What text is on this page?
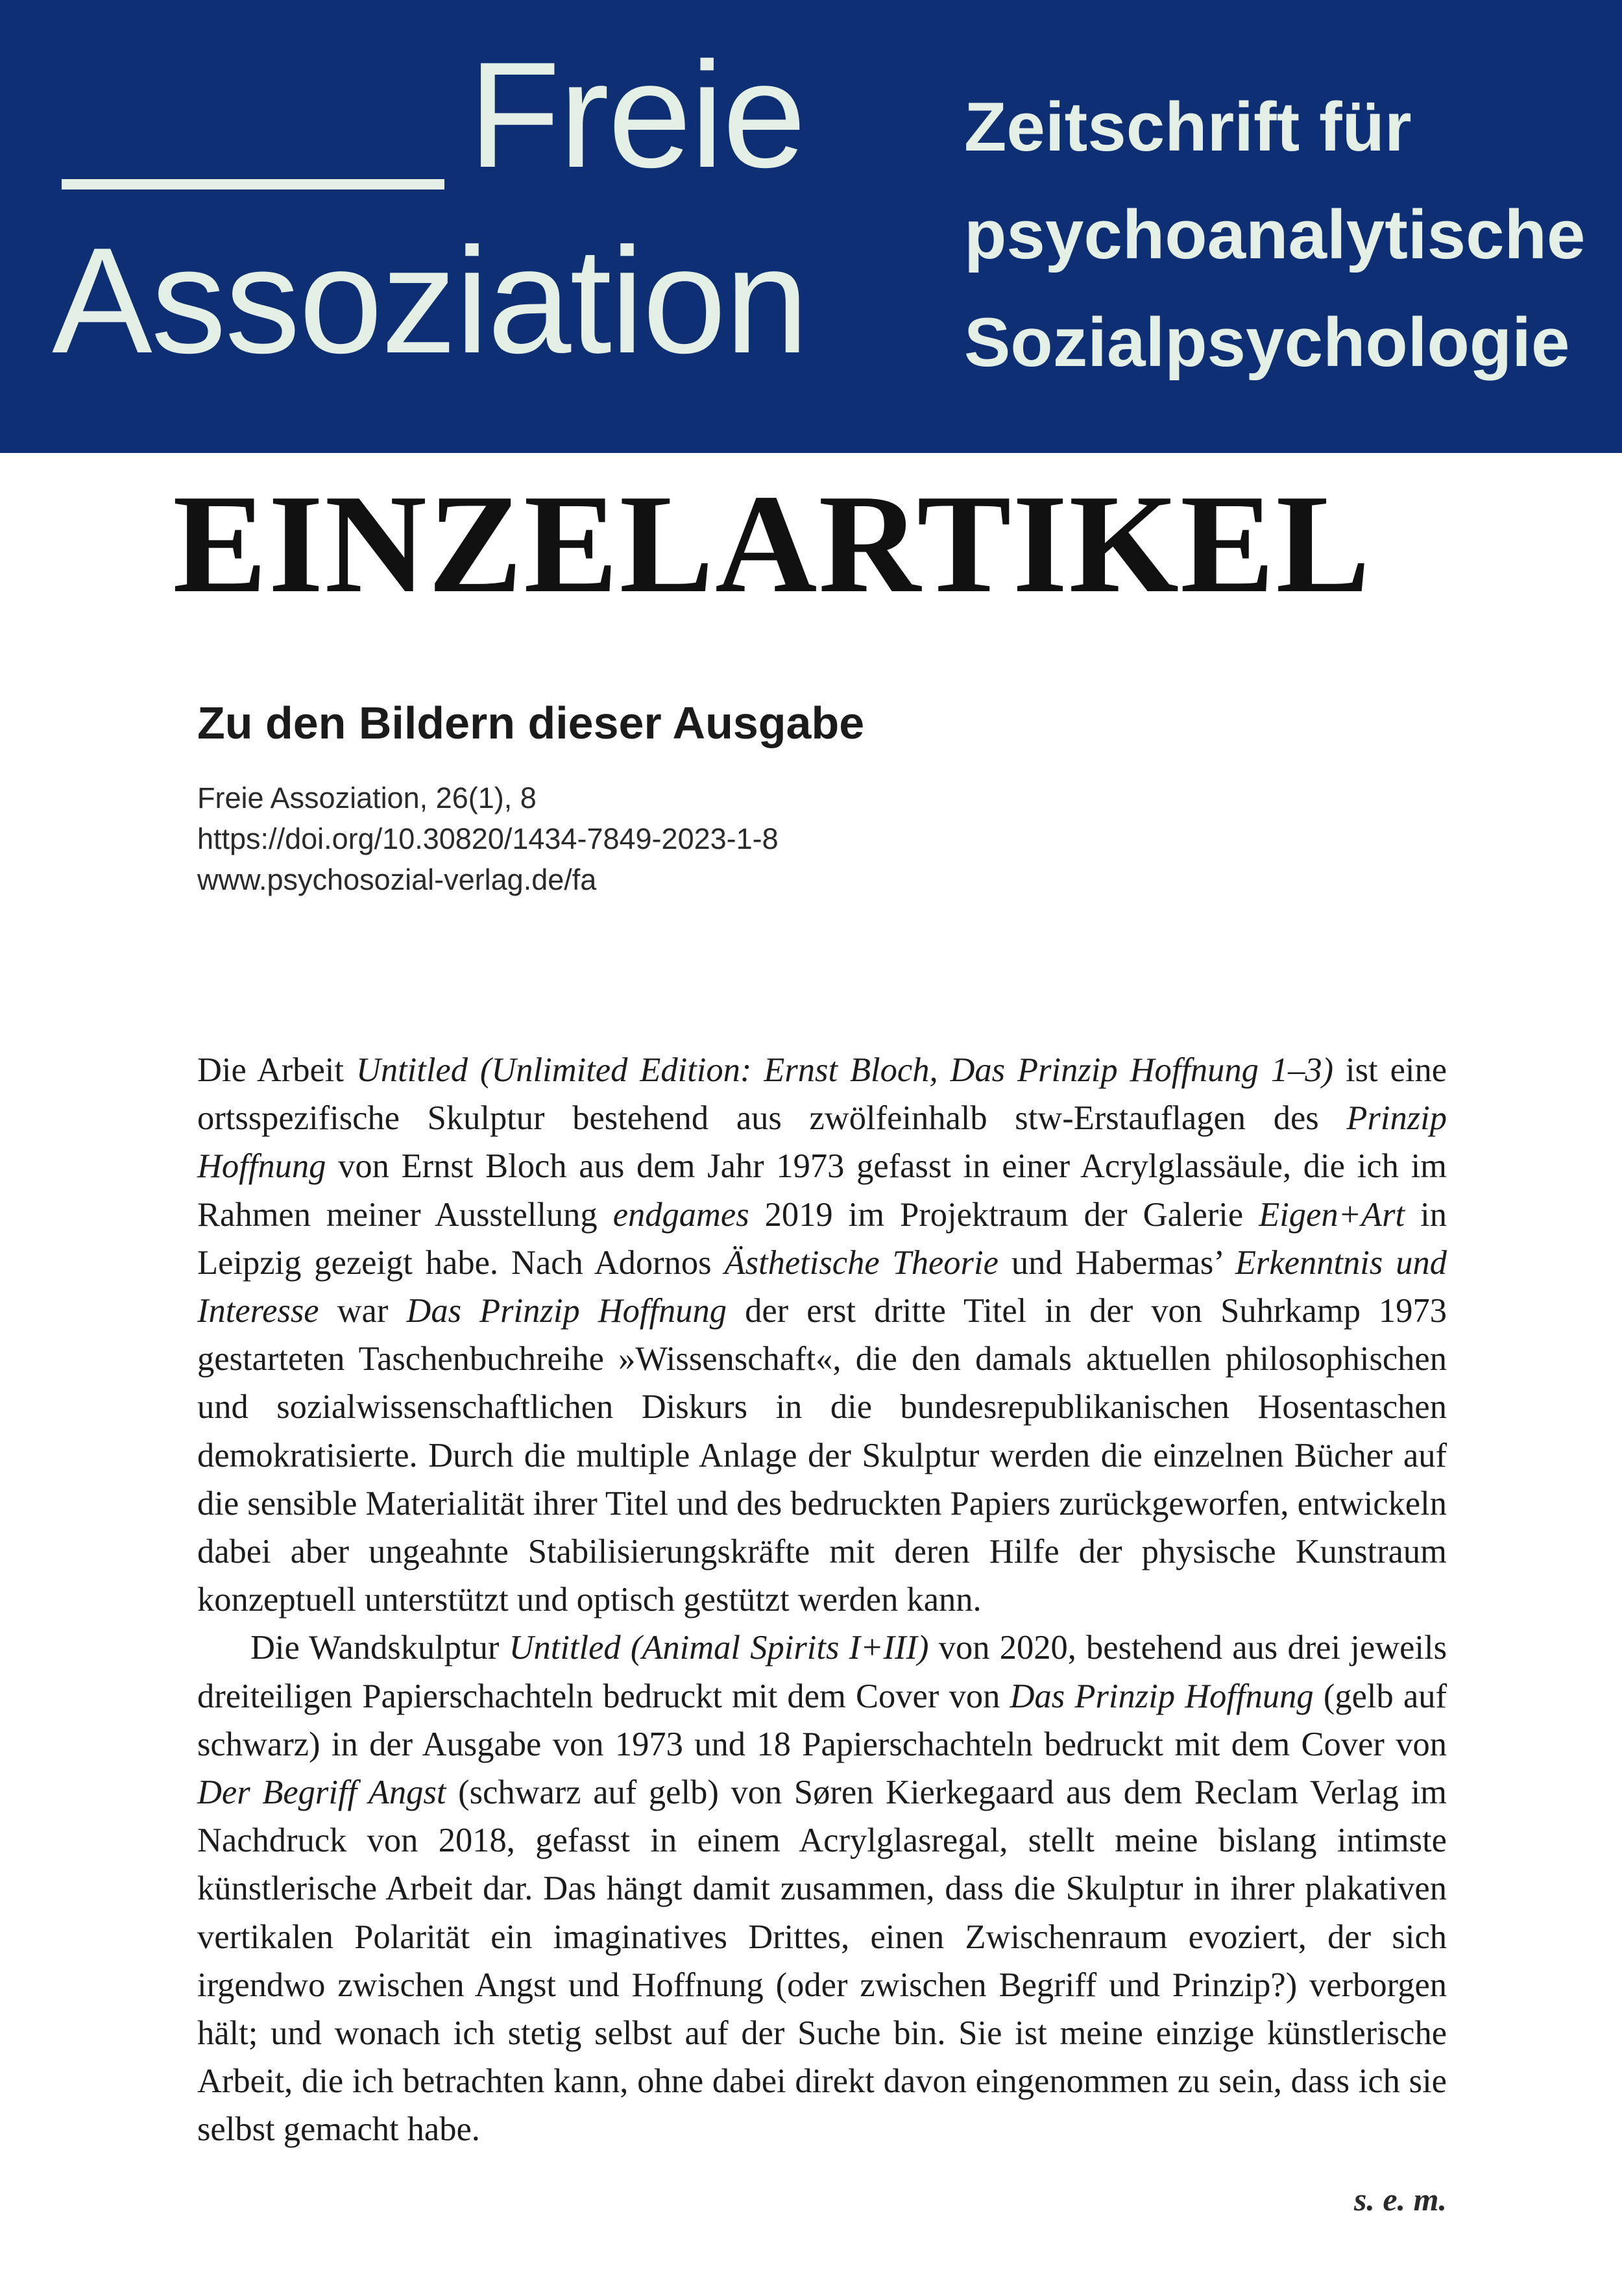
Freie
Assoziation
Zeitschrift für
psychoanalytische
Sozialpsychologie
EINZELARTIKEL
Zu den Bildern dieser Ausgabe
Freie Assoziation, 26(1), 8
https://doi.org/10.30820/1434-7849-2023-1-8
www.psychosozial-verlag.de/fa

Die Arbeit Untitled (Unlimited Edition: Ernst Bloch, Das Prinzip Hoffnung 1–3) ist eine ortsspezifische Skulptur bestehend aus zwölfeinhalb stw-Erstauflagen des Prinzip Hoffnung von Ernst Bloch aus dem Jahr 1973 gefasst in einer Acrylglassäule, die ich im Rahmen meiner Ausstellung endgames 2019 im Projektraum der Galerie Eigen+Art in Leipzig gezeigt habe. Nach Adornos Ästhetische Theorie und Habermas’ Erkenntnis und Interesse war Das Prinzip Hoffnung der erst dritte Titel in der von Suhrkamp 1973 gestarteten Taschenbuchreihe »Wissenschaft«, die den damals aktuellen philosophischen und sozialwissenschaftlichen Diskurs in die bundesrepublikanischen Hosentaschen demokratisierte. Durch die multiple Anlage der Skulptur werden die einzelnen Bücher auf die sensible Materialität ihrer Titel und des bedruckten Papiers zurückgeworfen, entwickeln dabei aber ungeahnte Stabilisierungskräfte mit deren Hilfe der physische Kunstraum konzeptuell unterstützt und optisch gestützt werden kann.

Die Wandskulptur Untitled (Animal Spirits I+III) von 2020, bestehend aus drei jeweils dreiteiligen Papierschachteln bedruckt mit dem Cover von Das Prinzip Hoffnung (gelb auf schwarz) in der Ausgabe von 1973 und 18 Papierschachteln bedruckt mit dem Cover von Der Begriff Angst (schwarz auf gelb) von Søren Kierkegaard aus dem Reclam Verlag im Nachdruck von 2018, gefasst in einem Acrylglasregal, stellt meine bislang intimste künstlerische Arbeit dar. Das hängt damit zusammen, dass die Skulptur in ihrer plakativen vertikalen Polarität ein imaginatives Drittes, einen Zwischenraum evoziert, der sich irgendwo zwischen Angst und Hoffnung (oder zwischen Begriff und Prinzip?) verborgen hält; und wonach ich stetig selbst auf der Suche bin. Sie ist meine einzige künstlerische Arbeit, die ich betrachten kann, ohne dabei direkt davon eingenommen zu sein, dass ich sie selbst gemacht habe.

s. e. m.
